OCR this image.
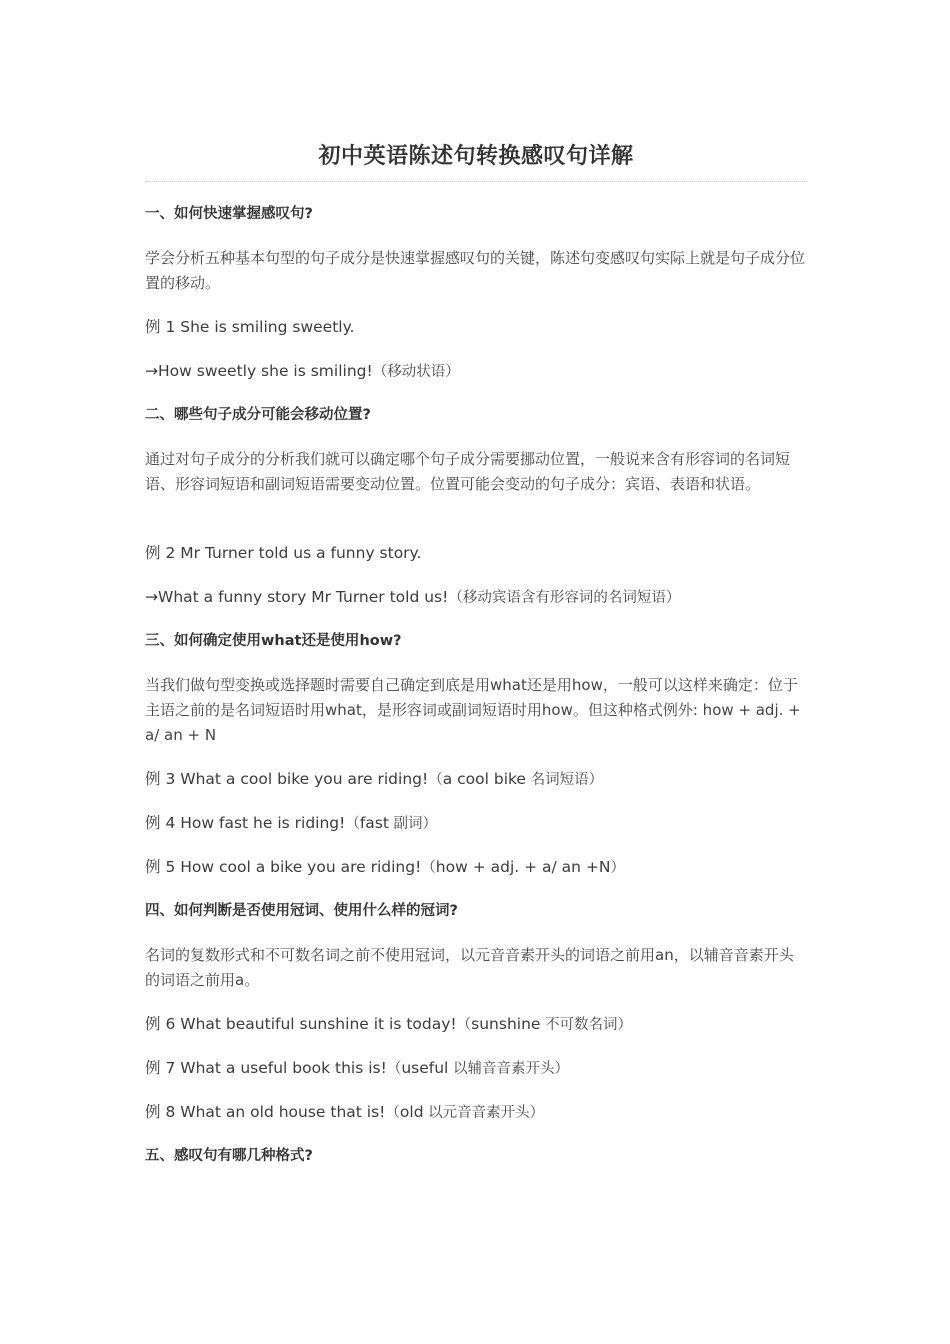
初中英语陈述句转换感叹句详解
一、如何快速掌握感叹句?

学会分析五种基本句型的句子成分是快速掌握感叹句的关键，陈述句变感叹句实际上就是句子成分位置的移动。

例 1 She is smiling sweetly.
→How sweetly she is smiling!（移动状语）
二、哪些句子成分可能会移动位置?

通过对句子成分的分析我们就可以确定哪个句子成分需要挪动位置，一般说来含有形容词的名词短语、形容词短语和副词短语需要变动位置。位置可能会变动的句子成分：宾语、表语和状语。

例 2 Mr Turner told us a funny story.
→What a funny story Mr Turner told us!（移动宾语含有形容词的名词短语）
三、如何确定使用what还是使用how?

当我们做句型变换或选择题时需要自己确定到底是用what还是用how，一般可以这样来确定：位于主语之前的是名词短语时用what，是形容词或副词短语时用how。但这种格式例外: how + adj. + a/ an + N

例 3 What a cool bike you are riding!（a cool bike 名词短语）
例 4 How fast he is riding!（fast 副词）
例 5 How cool a bike you are riding!（how + adj. + a/ an +N）
四、如何判断是否使用冠词、使用什么样的冠词?

名词的复数形式和不可数名词之前不使用冠词，以元音音素开头的词语之前用an，以辅音音素开头的词语之前用a。

例 6 What beautiful sunshine it is today!（sunshine 不可数名词）
例 7 What a useful book this is!（useful 以辅音音素开头）
例 8 What an old house that is!（old 以元音音素开头）
五、感叹句有哪几种格式?
